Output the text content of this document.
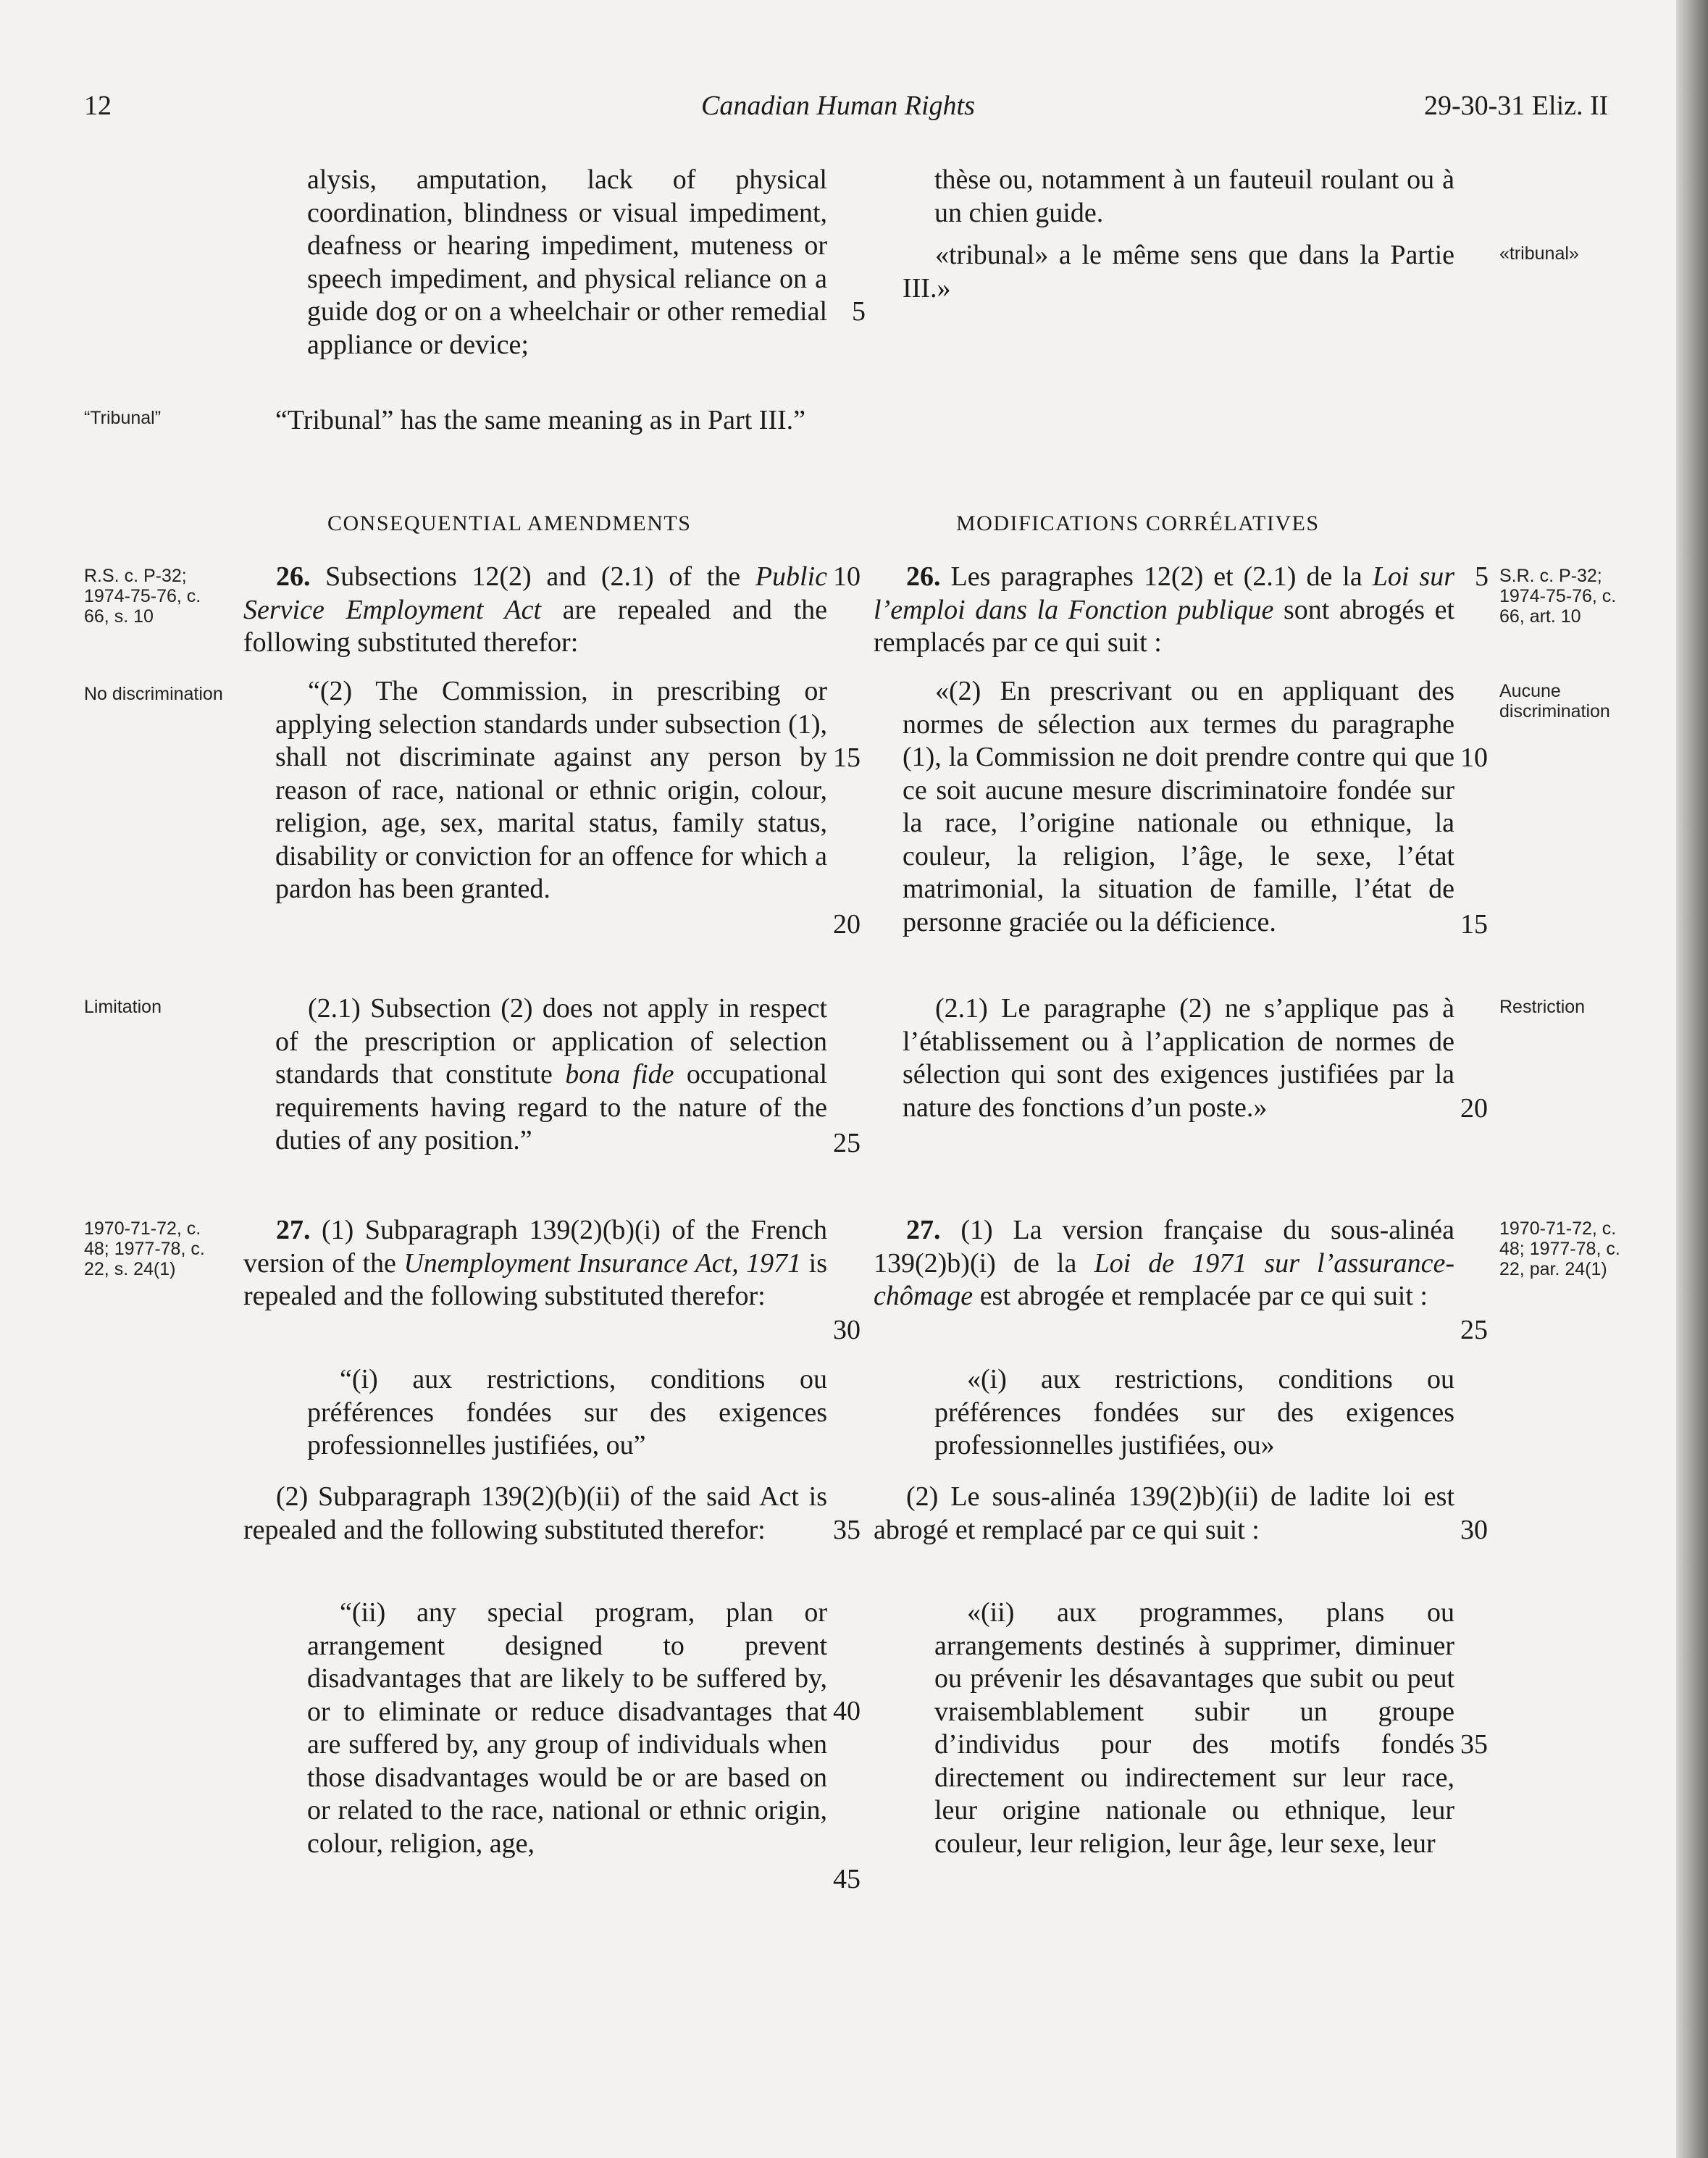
12	Canadian Human Rights	29-30-31 Eliz. II
alysis, amputation, lack of physical coordination, blindness or visual impediment, deafness or hearing impediment, muteness or speech impediment, and physical reliance on a guide dog or on a wheelchair or other remedial appliance or device;
“Tribunal” has the same meaning as in Part III.”
CONSEQUENTIAL AMENDMENTS
26. Subsections 12(2) and (2.1) of the Public Service Employment Act are repealed and the following substituted therefor:
“(2) The Commission, in prescribing or applying selection standards under subsection (1), shall not discriminate against any person by reason of race, national or ethnic origin, colour, religion, age, sex, marital status, family status, disability or conviction for an offence for which a pardon has been granted.
(2.1) Subsection (2) does not apply in respect of the prescription or application of selection standards that constitute bona fide occupational requirements having regard to the nature of the duties of any position.”
27. (1) Subparagraph 139(2)(b)(i) of the French version of the Unemployment Insurance Act, 1971 is repealed and the following substituted therefor:
“(i) aux restrictions, conditions ou préférences fondées sur des exigences professionnelles justifiées, ou”
(2) Subparagraph 139(2)(b)(ii) of the said Act is repealed and the following substituted therefor:
“(ii) any special program, plan or arrangement designed to prevent disadvantages that are likely to be suffered by, or to eliminate or reduce disadvantages that are suffered by, any group of individuals when those disadvantages would be or are based on or related to the race, national or ethnic origin, colour, religion, age,
5
10
15
20
25
30
35
40
45
thèse ou, notamment à un fauteuil roulant ou à un chien guide.
«tribunal» a le même sens que dans la Partie III.»
MODIFICATIONS CORRÉLATIVES
26. Les paragraphes 12(2) et (2.1) de la Loi sur l’emploi dans la Fonction publique sont abrogés et remplacés par ce qui suit :
«(2) En prescrivant ou en appliquant des normes de sélection aux termes du paragraphe (1), la Commission ne doit prendre contre qui que ce soit aucune mesure discriminatoire fondée sur la race, l’origine nationale ou ethnique, la couleur, la religion, l’âge, le sexe, l’état matrimonial, la situation de famille, l’état de personne graciée ou la déficience.
(2.1) Le paragraphe (2) ne s’applique pas à l’établissement ou à l’application de normes de sélection qui sont des exigences justifiées par la nature des fonctions d’un poste.»
27. (1) La version française du sous-alinéa 139(2)b)(i) de la Loi de 1971 sur l’assurance-chômage est abrogée et remplacée par ce qui suit :
«(i) aux restrictions, conditions ou préférences fondées sur des exigences professionnelles justifiées, ou»
(2) Le sous-alinéa 139(2)b)(ii) de ladite loi est abrogé et remplacé par ce qui suit :
«(ii) aux programmes, plans ou arrangements destinés à supprimer, diminuer ou prévenir les désavantages que subit ou peut vraisemblablement subir un groupe d’individus pour des motifs fondés directement ou indirectement sur leur race, leur origine nationale ou ethnique, leur couleur, leur religion, leur âge, leur sexe, leur
5
10
15
20
25
30
35
“Tribunal”
R.S. c. P-32; 1974-75-76, c. 66, s. 10
No discrimination
Limitation
1970-71-72, c. 48; 1977-78, c. 22, s. 24(1)
«tribunal»
S.R. c. P-32; 1974-75-76, c. 66, art. 10
Aucune discrimination
Restriction
1970-71-72, c. 48; 1977-78, c. 22, par. 24(1)
